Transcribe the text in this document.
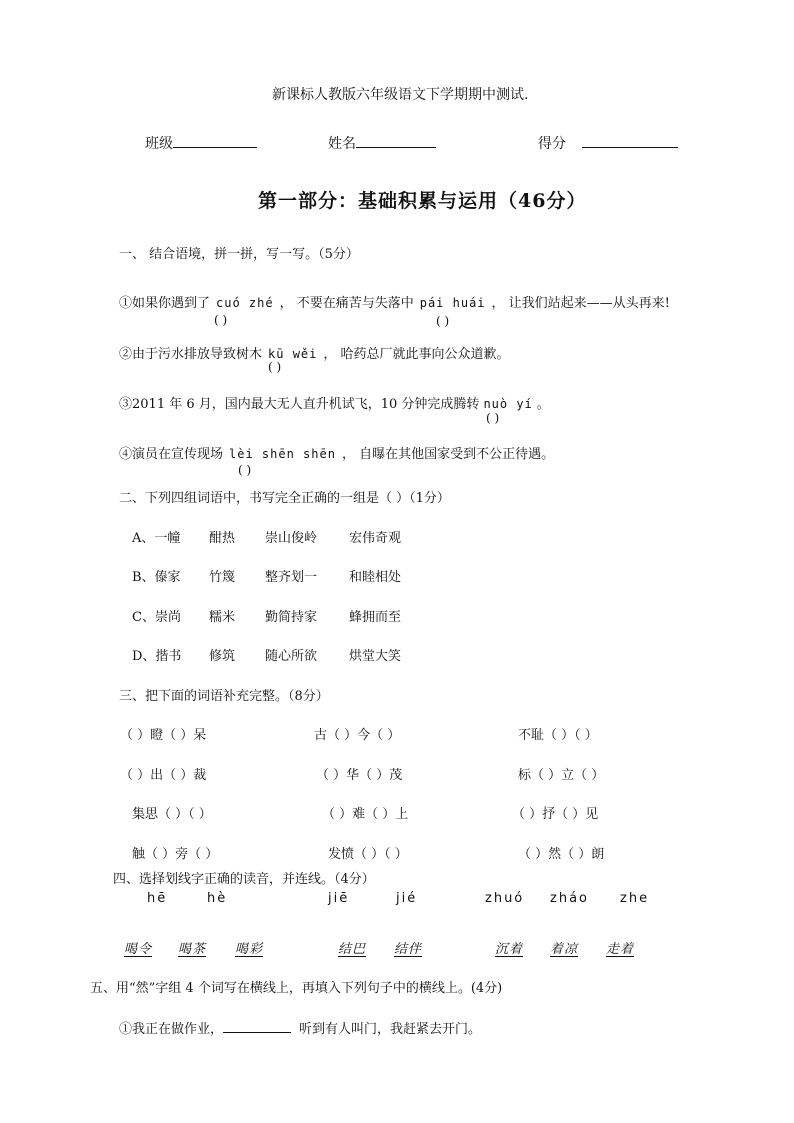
新课标人教版六年级语文下学期期中测试.
班级	姓名	得分
第一部分：基础积累与运用（46分）
一、 结合语境，拼一拼，写一写。（5分）
①如果你遇到了 cuó zhé ， 不要在痛苦与失落中 pái huái ， 让我们站起来——从头再来!
( )	( )
②由于污水排放导致树木 kū wěi ， 哈药总厂就此事向公众道歉。
( )
③2011 年 6 月，国内最大无人直升机试飞，10 分钟完成腾转 nuò yí 。
( )
④演员在宣传现场 lèi shēn shēn ， 自曝在其他国家受到不公正待遇。
( )
二、下列四组词语中，书写完全正确的一组是（ ）（1分）
A、一幢 酣热 崇山俊岭 宏伟奇观
B、傣家 竹篾 整齐划一 和睦相处
C、崇尚 糯米 勤简持家 蜂拥而至
D、揩书 修筑 随心所欲 烘堂大笑
三、把下面的词语补充完整。（8分）
（ ）瞪（ ）呆	古（ ）今（ ）	不耻（ ）（ ）
（ ）出（ ）裁	（ ）华（ ）茂	标（ ）立（ ）
集思（ ）（ ）	（ ）难（ ）上	（ ）抒（ ）见
触（ ）旁（ ）	发愤（ ）（ ）	（ ）然（ ）朗
四、选择划线字正确的读音，并连线。（4分）
hē	hè	jiē	jié	zhuó zháo zhe
喝令 喝茶 喝彩	结巴 结伴	沉着 着凉 走着
五、用“然”字组 4 个词写在横线上，再填入下列句子中的横线上。(4分)
①我正在做作业，	听到有人叫门，我赶紧去开门。
